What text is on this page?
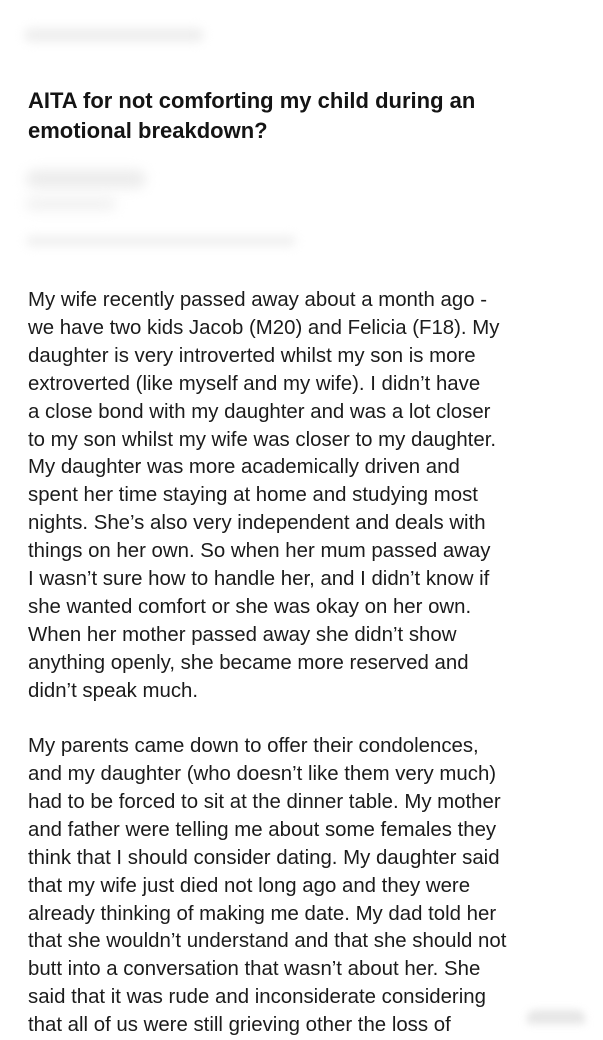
AITA for not comforting my child during an emotional breakdown?

My wife recently passed away about a month ago -
we have two kids Jacob (M20) and Felicia (F18). My
daughter is very introverted whilst my son is more
extroverted (like myself and my wife). I didn’t have
a close bond with my daughter and was a lot closer
to my son whilst my wife was closer to my daughter.
My daughter was more academically driven and
spent her time staying at home and studying most
nights. She’s also very independent and deals with
things on her own. So when her mum passed away
I wasn’t sure how to handle her, and I didn’t know if
she wanted comfort or she was okay on her own.
When her mother passed away she didn’t show
anything openly, she became more reserved and
didn’t speak much.

My parents came down to offer their condolences,
and my daughter (who doesn’t like them very much)
had to be forced to sit at the dinner table. My mother
and father were telling me about some females they
think that I should consider dating. My daughter said
that my wife just died not long ago and they were
already thinking of making me date. My dad told her
that she wouldn’t understand and that she should not
butt into a conversation that wasn’t about her. She
said that it was rude and inconsiderate considering
that all of us were still grieving other the loss of
